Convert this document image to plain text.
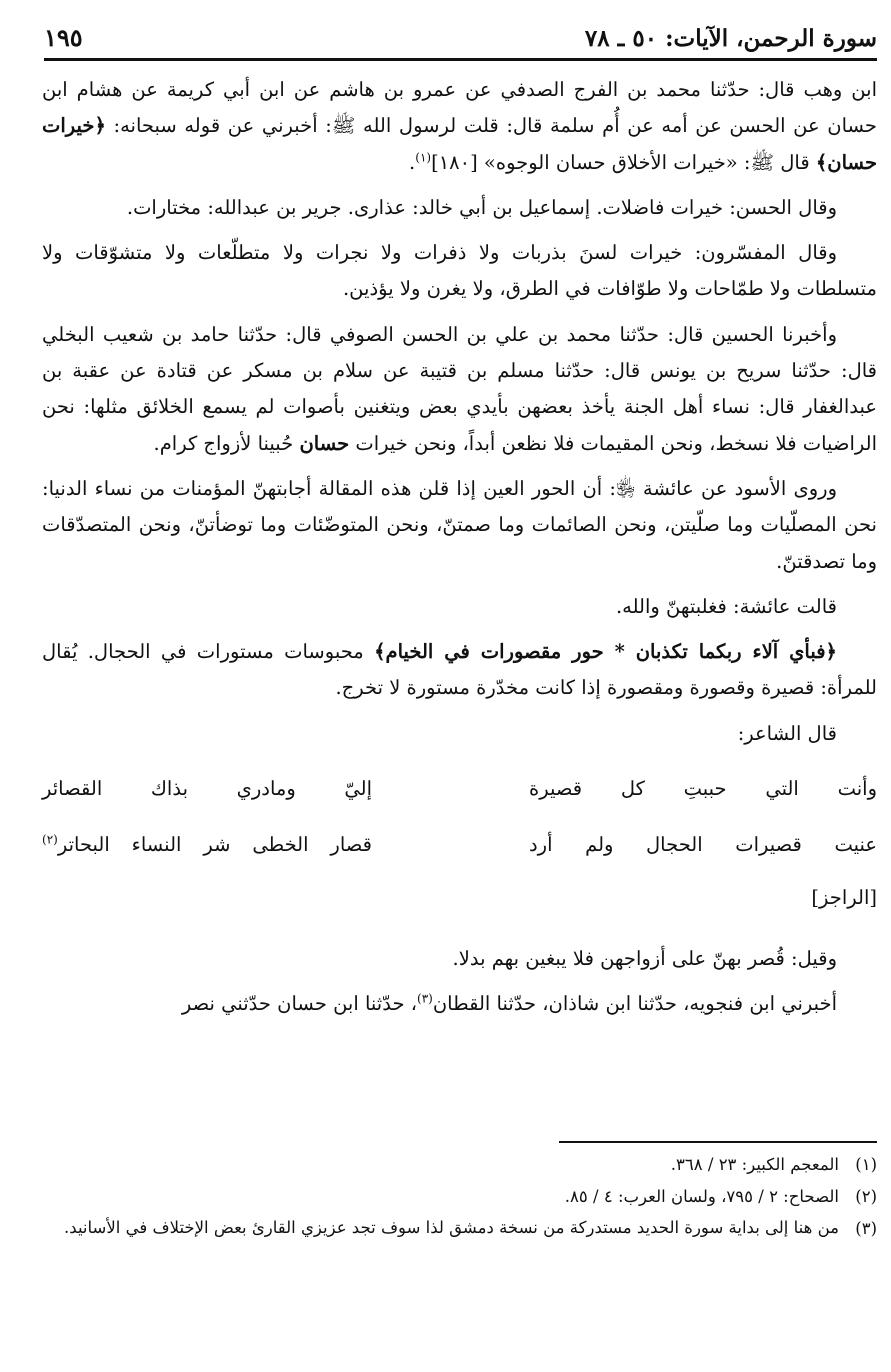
سورة الرحمن، الآيات: ٥٠ ـ ٧٨
١٩٥

ابن وهب قال: حدّثنا محمد بن الفرج الصدفي عن عمرو بن هاشم عن ابن أبي كريمة عن هشام ابن حسان عن الحسن عن أمه عن أُم سلمة قال: قلت لرسول الله ﷺ: أخبرني عن قوله سبحانه: ﴿خيرات حسان﴾ قال ﷺ: «خيرات الأخلاق حسان الوجوه» [١٨٠]$^{(١)}$.

وقال الحسن: خيرات فاضلات. إسماعيل بن أبي خالد: عذارى. جرير بن عبدالله: مختارات.

وقال المفسّرون: خيرات لسنَ بذربات ولا ذفرات ولا نجرات ولا متطلّعات ولا متشوّقات ولا متسلطات ولا طمّاحات ولا طوّافات في الطرق، ولا يغرن ولا يؤذين.

وأخبرنا الحسين قال: حدّثنا محمد بن علي بن الحسن الصوفي قال: حدّثنا حامد بن شعيب البخلي قال: حدّثنا سريح بن يونس قال: حدّثنا مسلم بن قتيبة عن سلام بن مسكر عن قتادة عن عقبة بن عبدالغفار قال: نساء أهل الجنة يأخذ بعضهن بأيدي بعض ويتغنين بأصوات لم يسمع الخلائق مثلها: نحن الراضيات فلا نسخط، ونحن المقيمات فلا نظعن أبداً، ونحن خيرات حسان حُبينا لأزواج كرام.

وروى الأسود عن عائشة ﵂: أن الحور العين إذا قلن هذه المقالة أجابتهنّ المؤمنات من نساء الدنيا: نحن المصلّيات وما صلّيتن، ونحن الصائمات وما صمتنّ، ونحن المتوضّئات وما توضأتنّ، ونحن المتصدّقات وما تصدقتنّ.

قالت عائشة: فغلبتهنّ والله.

﴿فبأي آلاء ربكما تكذبان * حور مقصورات في الخيام﴾ محبوسات مستورات في الحجال. يُقال للمرأة: قصيرة وقصورة ومقصورة إذا كانت مخدّرة مستورة لا تخرج.

قال الشاعر:

وأنت التي حببتِ كل قصيرة
إليّ ومادري بذاك القصائر
عنيت قصيرات الحجال ولم أرد
قصار الخطى شر النساء البحاتر$^{(٢)}$
[الراجز]

وقيل: قُصر بهنّ على أزواجهن فلا يبغين بهم بدلا.

أخبرني ابن فنجويه، حدّثنا ابن شاذان، حدّثنا القطان$^{(٣)}$، حدّثنا ابن حسان حدّثني نصر

(١)
المعجم الكبير: ٢٣ / ٣٦٨.
(٢)
الصحاح: ٢ / ٧٩٥، ولسان العرب: ٤ / ٨٥.
(٣)
من هنا إلى بداية سورة الحديد مستدركة من نسخة دمشق لذا سوف تجد عزيزي القارئ بعض الإختلاف في الأسانيد.
